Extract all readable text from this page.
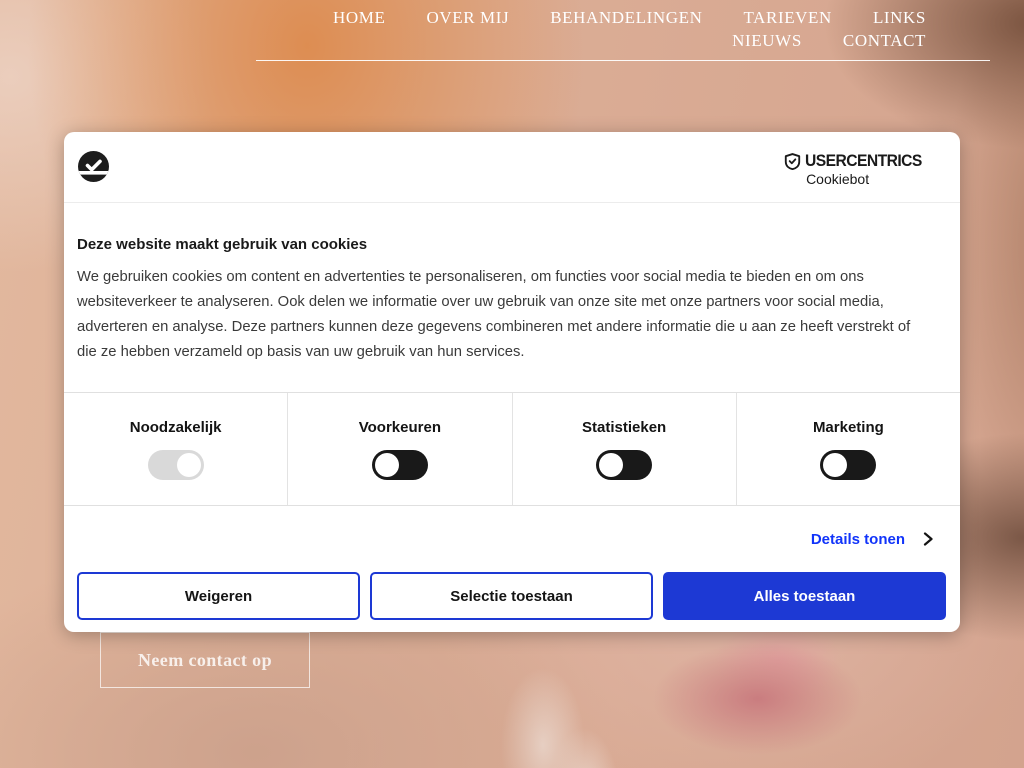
HOME OVER MIJ BEHANDELINGEN TARIEVEN LINKS
NIEUWS CONTACT
Neem contact op
USERCENTRICS
Cookiebot
Deze website maakt gebruik van cookies

We gebruiken cookies om content en advertenties te personaliseren, om functies voor social media te bieden en om ons websiteverkeer te analyseren. Ook delen we informatie over uw gebruik van onze site met onze partners voor social media, adverteren en analyse. Deze partners kunnen deze gegevens combineren met andere informatie die u aan ze heeft verstrekt of die ze hebben verzameld op basis van uw gebruik van hun services.

Noodzakelijk	Voorkeuren	Statistieken	Marketing
Details tonen
Weigeren	Selectie toestaan	Alles toestaan
